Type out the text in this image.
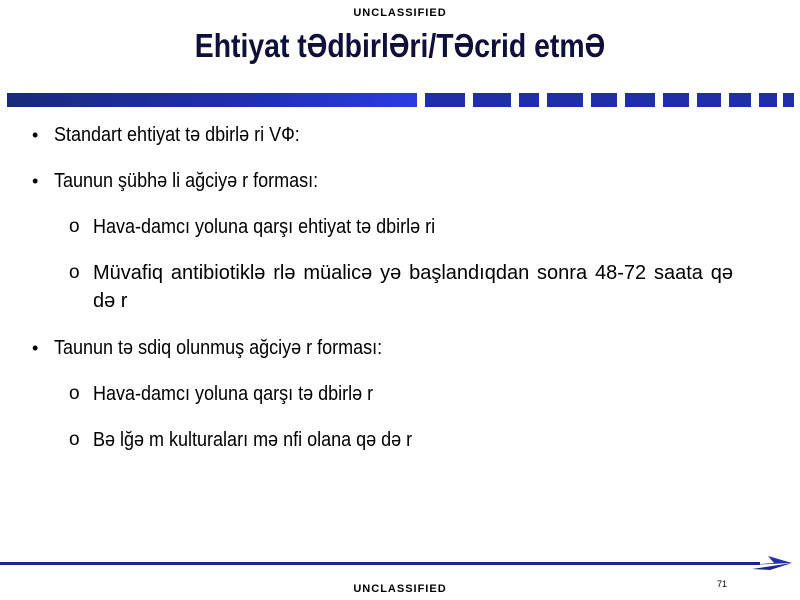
UNCLASSIFIED
Ehtiyat tƏdbirlƏri/TƏcrid etmƏ
• Standart ehtiyat tə dbirlə ri VФ:
• Taunun şübhə li ağciyə r forması:
o Hava-damcı yoluna qarşı ehtiyat tə dbirlə ri
o Müvafiq antibiotiklə rlə müalicə yə başlandıqdan sonra 48-72 saata qə də r
• Taunun tə sdiq olunmuş ağciyə r forması:
o Hava-damcı yoluna qarşı tə dbirlə r
o Bə lğə m kulturaları mə nfi olana qə də r
71
UNCLASSIFIED
